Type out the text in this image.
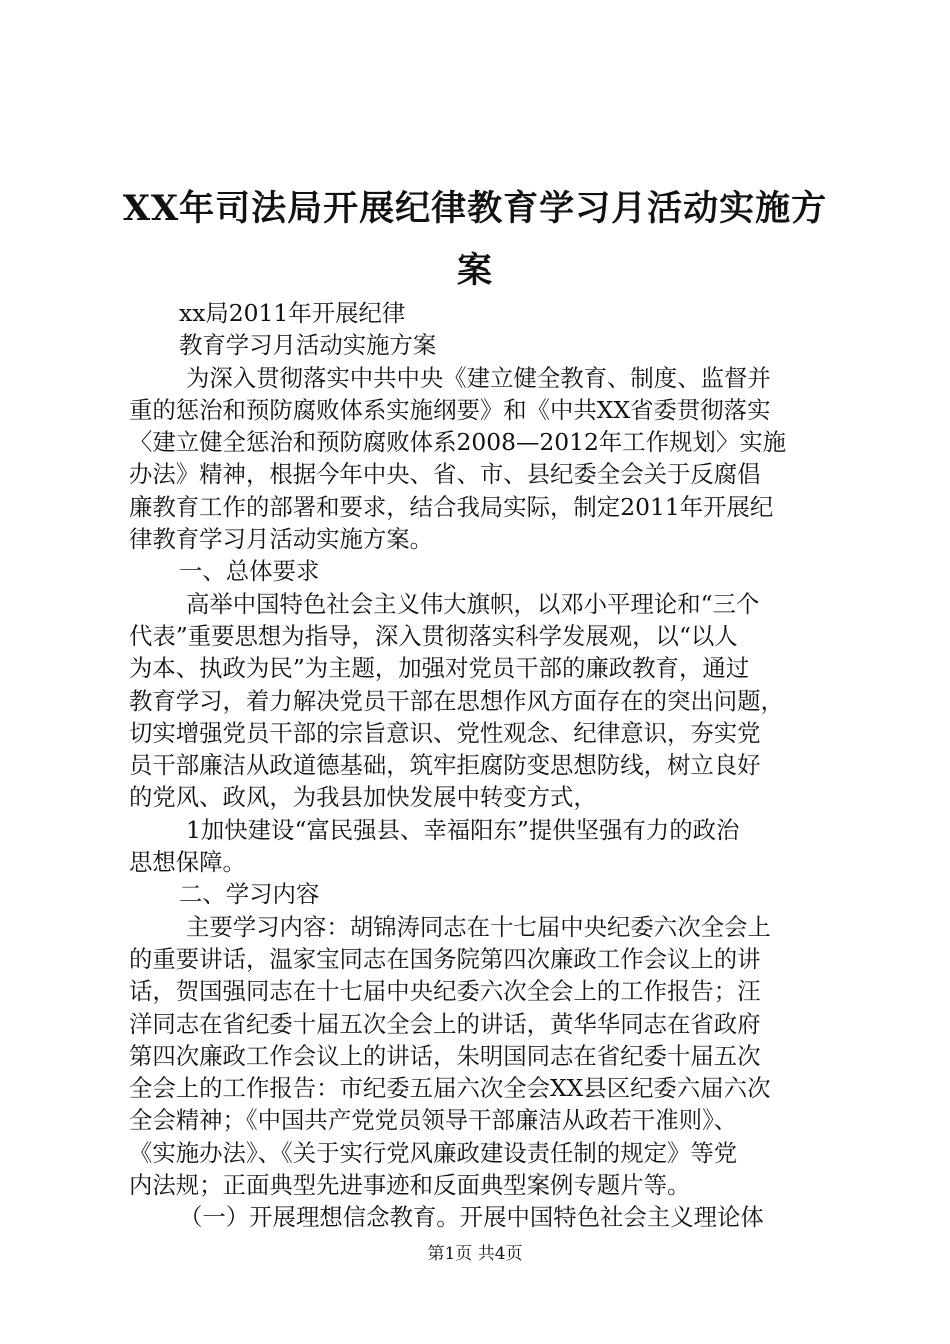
XX年司法局开展纪律教育学习月活动实施方
案
xx局2011年开展纪律
教育学习月活动实施方案
为深入贯彻落实中共中央《建立健全教育、制度、监督并
重的惩治和预防腐败体系实施纲要》和《中共XX省委贯彻落实
〈建立健全惩治和预防腐败体系2008—2012年工作规划〉实施
办法》精神，根据今年中央、省、市、县纪委全会关于反腐倡
廉教育工作的部署和要求，结合我局实际，制定2011年开展纪
律教育学习月活动实施方案。
一、总体要求
高举中国特色社会主义伟大旗帜，以邓小平理论和“三个
代表”重要思想为指导，深入贯彻落实科学发展观，以“以人
为本、执政为民”为主题，加强对党员干部的廉政教育，通过
教育学习，着力解决党员干部在思想作风方面存在的突出问题，
切实增强党员干部的宗旨意识、党性观念、纪律意识，夯实党
员干部廉洁从政道德基础，筑牢拒腐防变思想防线，树立良好
的党风、政风，为我县加快发展中转变方式，
1加快建设“富民强县、幸福阳东”提供坚强有力的政治
思想保障。
二、学习内容
主要学习内容：胡锦涛同志在十七届中央纪委六次全会上
的重要讲话，温家宝同志在国务院第四次廉政工作会议上的讲
话，贺国强同志在十七届中央纪委六次全会上的工作报告；汪
洋同志在省纪委十届五次全会上的讲话，黄华华同志在省政府
第四次廉政工作会议上的讲话，朱明国同志在省纪委十届五次
全会上的工作报告：市纪委五届六次全会XX县区纪委六届六次
全会精神；《中国共产党党员领导干部廉洁从政若干准则》、
《实施办法》、《关于实行党风廉政建设责任制的规定》等党
内法规；正面典型先进事迹和反面典型案例专题片等。
（一）开展理想信念教育。开展中国特色社会主义理论体
第1页 共4页
